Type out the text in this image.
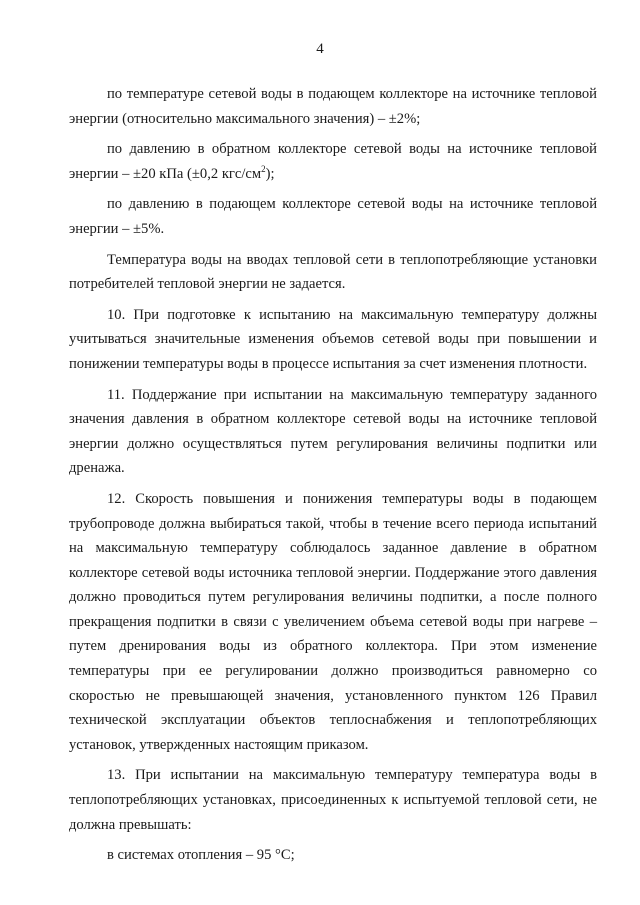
4

по температуре сетевой воды в подающем коллекторе на источнике тепловой энергии (относительно максимального значения) – ±2%;

по давлению в обратном коллекторе сетевой воды на источнике тепловой энергии – ±20 кПа (±0,2 кгс/$см^2$);

по давлению в подающем коллекторе сетевой воды на источнике тепловой энергии – ±5%.

Температура воды на вводах тепловой сети в теплопотребляющие установки потребителей тепловой энергии не задается.

10. При подготовке к испытанию на максимальную температуру должны учитываться значительные изменения объемов сетевой воды при повышении и понижении температуры воды в процессе испытания за счет изменения плотности.

11. Поддержание при испытании на максимальную температуру заданного значения давления в обратном коллекторе сетевой воды на источнике тепловой энергии должно осуществляться путем регулирования величины подпитки или дренажа.

12. Скорость повышения и понижения температуры воды в подающем трубопроводе должна выбираться такой, чтобы в течение всего периода испытаний на максимальную температуру соблюдалось заданное давление в обратном коллекторе сетевой воды источника тепловой энергии. Поддержание этого давления должно проводиться путем регулирования величины подпитки, а после полного прекращения подпитки в связи с увеличением объема сетевой воды при нагреве – путем дренирования воды из обратного коллектора. При этом изменение температуры при ее регулировании должно производиться равномерно со скоростью не превышающей значения, установленного пунктом 126 Правил технической эксплуатации объектов теплоснабжения и теплопотребляющих установок, утвержденных настоящим приказом.

13. При испытании на максимальную температуру температура воды в теплопотребляющих установках, присоединенных к испытуемой тепловой сети, не должна превышать:

в системах отопления – 95 °С;
